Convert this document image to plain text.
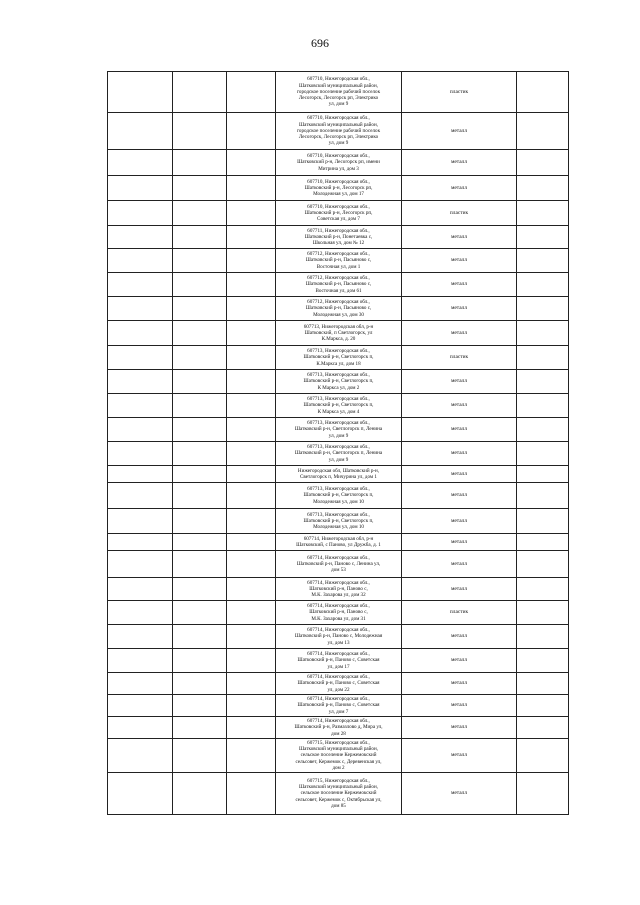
696

			607710, Нижегородская обл.,
Шатковский муниципальный район,
городское поселение рабочий поселок
Лесогорск, Лесогорск рп, Электрико
ул, дом 9	пластик	

			607710, Нижегородская обл.,
Шатковский муниципальный район,
городское поселение рабочий поселок
Лесогорск, Лесогорск рп, Электрико
ул, дом 9	металл	

			607710, Нижегородская обл.,
Шатковский р-н, Лесогорск рп, имени
Митрина ул, дом 3	металл	

			607710, Нижегородская обл.,
Шатковский р-н, Лесогорск рп,
Молодежная ул, дом 17	металл	

			607710, Нижегородская обл.,
Шатковский р-н, Лесогорск рп,
Советская ул, дом 7	пластик	

			607711, Нижегородская обл.,
Шатковский р-н, Понетаевка с,
Школьная ул, дом № 12	металл	

			607712, Нижегородская обл.,
Шатковский р-н, Пасьяново с,
Восточная ул, дом 1	металл	

			607712, Нижегородская обл.,
Шатковский р-н, Пасьяново с,
Восточная ул, дом 61	металл	

			607712, Нижегородская обл.,
Шатковский р-н, Пасьяново с,
Молодежная ул, дом 30	металл	

			607713, Нижегородская обл, р-н
Шатковский, п Светлогорск, ул
К.Маркса, д. 20	металл	

			607713, Нижегородская обл.,
Шатковский р-н, Светлогорск п,
К.Маркса ул, дом 18	пластик	

			607713, Нижегородская обл.,
Шатковский р-н, Светлогорск п,
К Маркса ул, дом 2	металл	

			607713, Нижегородская обл.,
Шатковский р-н, Светлогорск п,
К Маркса ул, дом 4	металл	

			607713, Нижегородская обл.,
Шатковский р-н, Светлогорск п, Ленина
ул, дом 9	металл	

			607713, Нижегородская обл.,
Шатковский р-н, Светлогорск п, Ленина
ул, дом 9	металл	

			Нижегородская обл, Шатковский р-н,
Светлогорск п, Мичурина ул, дом 1	металл	

			607713, Нижегородская обл.,
Шатковский р-н, Светлогорск п,
Молодежная ул, дом 10	металл	

			607713, Нижегородская обл.,
Шатковский р-н, Светлогорск п,
Молодежная ул, дом 10	металл	

			607714, Нижегородская обл, р-н
Шатковский, с Паново, ул Дружба, д. 1	металл	

			607714, Нижегородская обл.,
Шатковский р-н, Паново с, Ленина ул,
дом 53	металл	

			607714, Нижегородская обл.,
Шатковский р-н, Паново с,
М.К. Захарова ул, дом 32	металл	

			607714, Нижегородская обл.,
Шатковский р-н, Паново с,
М.К. Захарова ул, дом 31	пластик	

			607714, Нижегородская обл.,
Шатковский р-н, Паново с, Молодежная
ул, дом 13	металл	

			607714, Нижегородская обл.,
Шатковский р-н, Паново с, Советская
ул, дом 17	металл	

			607714, Нижегородская обл.,
Шатковский р-н, Паново с, Советская
ул, дом 22	металл	

			607714, Нижегородская обл.,
Шатковский р-н, Паново с, Советская
ул, дом 7	металл	

			607714, Нижегородская обл.,
Шатковский р-н, Размазлово д, Мира ул,
дом 28	металл	

			607715, Нижегородская обл.,
Шатковский муниципальный район,
сельское поселение Кержемокский
сельсовет, Кержемок с, Деревенская ул,
дом 2	металл	

			607715, Нижегородская обл.,
Шатковский муниципальный район,
сельское поселение Кержемокский
сельсовет, Кержемок с, Октябрьская ул,
дом 85	металл	
